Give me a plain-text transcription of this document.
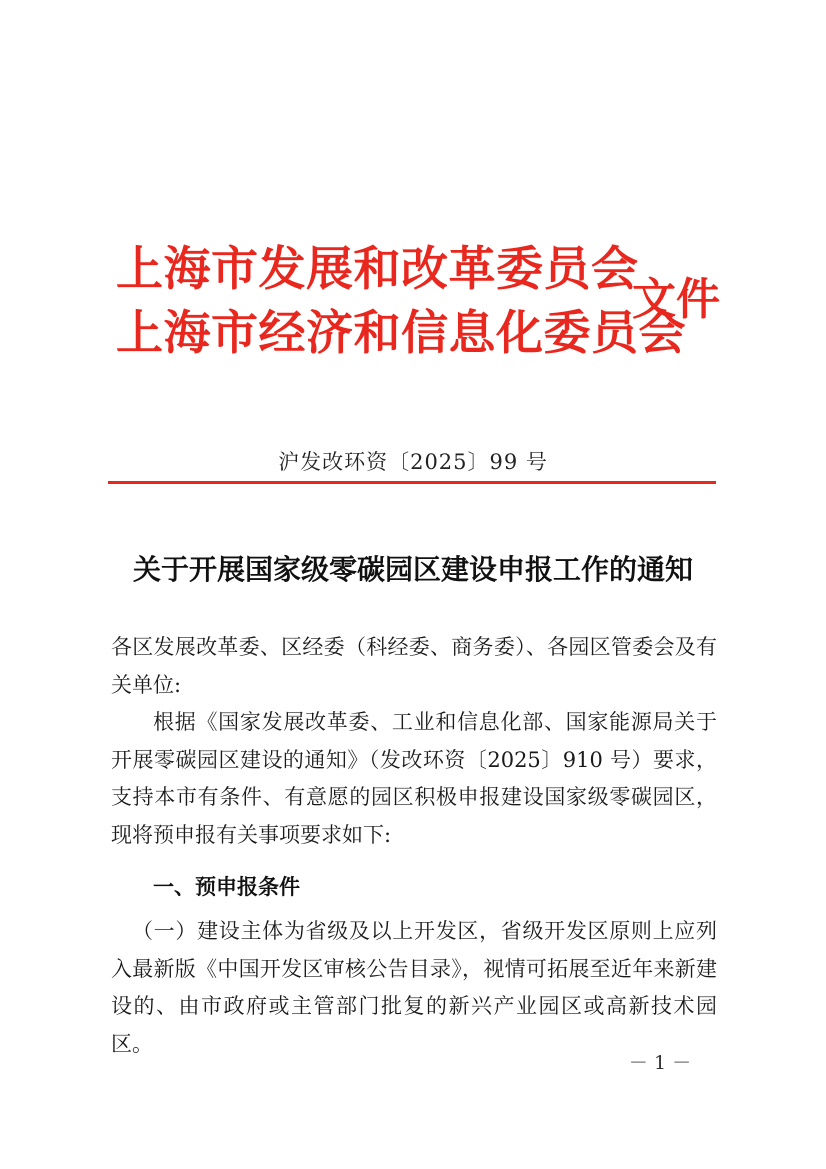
上海市发展和改革委员会
上海市经济和信息化委员会
文件
沪发改环资〔2025〕99 号
关于开展国家级零碳园区建设申报工作的通知
各区发展改革委、区经委（科经委、商务委）、各园区管委会及有关单位:
根据《国家发展改革委、工业和信息化部、国家能源局关于开展零碳园区建设的通知》（发改环资〔2025〕910 号）要求，支持本市有条件、有意愿的园区积极申报建设国家级零碳园区，现将预申报有关事项要求如下:
一、预申报条件
（一）建设主体为省级及以上开发区，省级开发区原则上应列入最新版《中国开发区审核公告目录》，视情可拓展至近年来新建设的、由市政府或主管部门批复的新兴产业园区或高新技术园区。
－ 1 －
